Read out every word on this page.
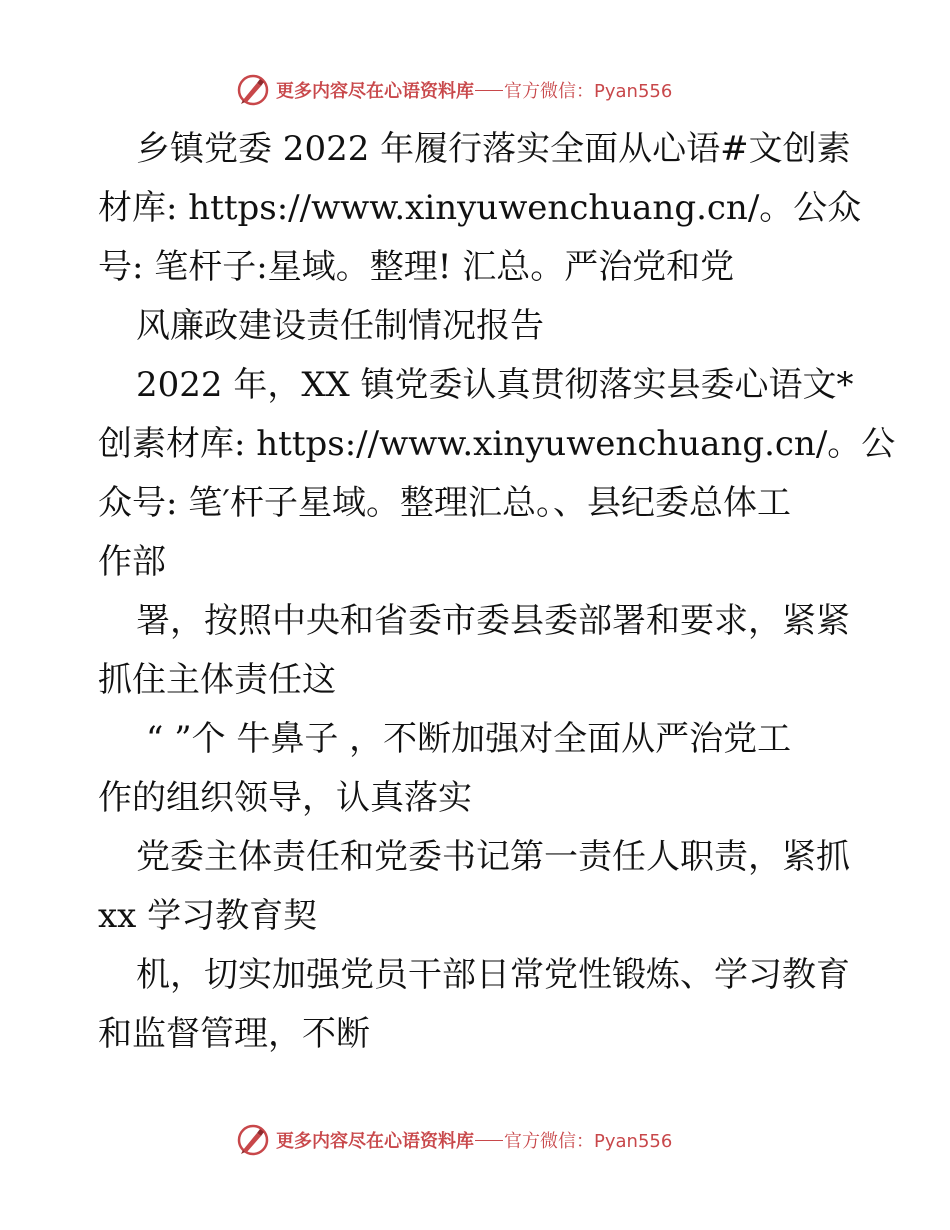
更多内容尽在心语资料库 官方微信：Pyan556
乡镇党委 2022 年履行落实全面从心语#文创素
材库: https://www.xinyuwenchuang.cn/。公众
号: 笔杆子:星域。整理! 汇总。严治党和党
风廉政建设责任制情况报告
2022 年，XX 镇党委认真贯彻落实县委心语文*
创素材库: https://www.xinyuwenchuang.cn/。公
众号: 笔′杆子星域。整理汇总。、县纪委总体工
作部
署，按照中央和省委市委县委部署和要求，紧紧
抓住主体责任这
“ ”个 牛鼻子 ，不断加强对全面从严治党工
作的组织领导，认真落实
党委主体责任和党委书记第一责任人职责，紧抓
xx 学习教育契
机，切实加强党员干部日常党性锻炼、学习教育
和监督管理，不断
更多内容尽在心语资料库 官方微信：Pyan556
